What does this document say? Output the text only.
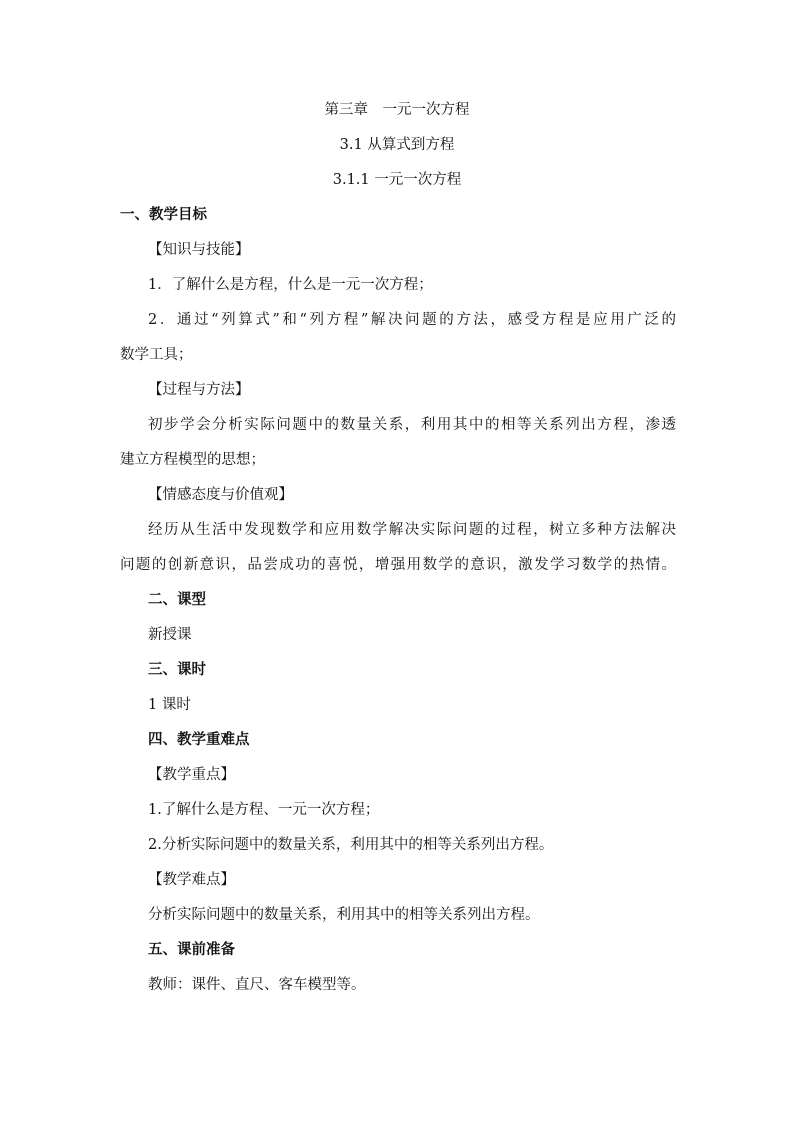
第三章　一元一次方程
3.1 从算式到方程
3.1.1 一元一次方程
一、教学目标
【知识与技能】
1．了解什么是方程，什么是一元一次方程；
2．通过“列算式”和“列方程”解决问题的方法，感受方程是应用广泛的
数学工具；
【过程与方法】
初步学会分析实际问题中的数量关系，利用其中的相等关系列出方程，渗透
建立方程模型的思想；
【情感态度与价值观】
经历从生活中发现数学和应用数学解决实际问题的过程，树立多种方法解决
问题的创新意识，品尝成功的喜悦，增强用数学的意识，激发学习数学的热情。
二、课型
新授课
三、课时
1 课时
四、教学重难点
【教学重点】
1.了解什么是方程、一元一次方程；
2.分析实际问题中的数量关系，利用其中的相等关系列出方程。
【教学难点】
分析实际问题中的数量关系，利用其中的相等关系列出方程。
五、课前准备
教师：课件、直尺、客车模型等。
